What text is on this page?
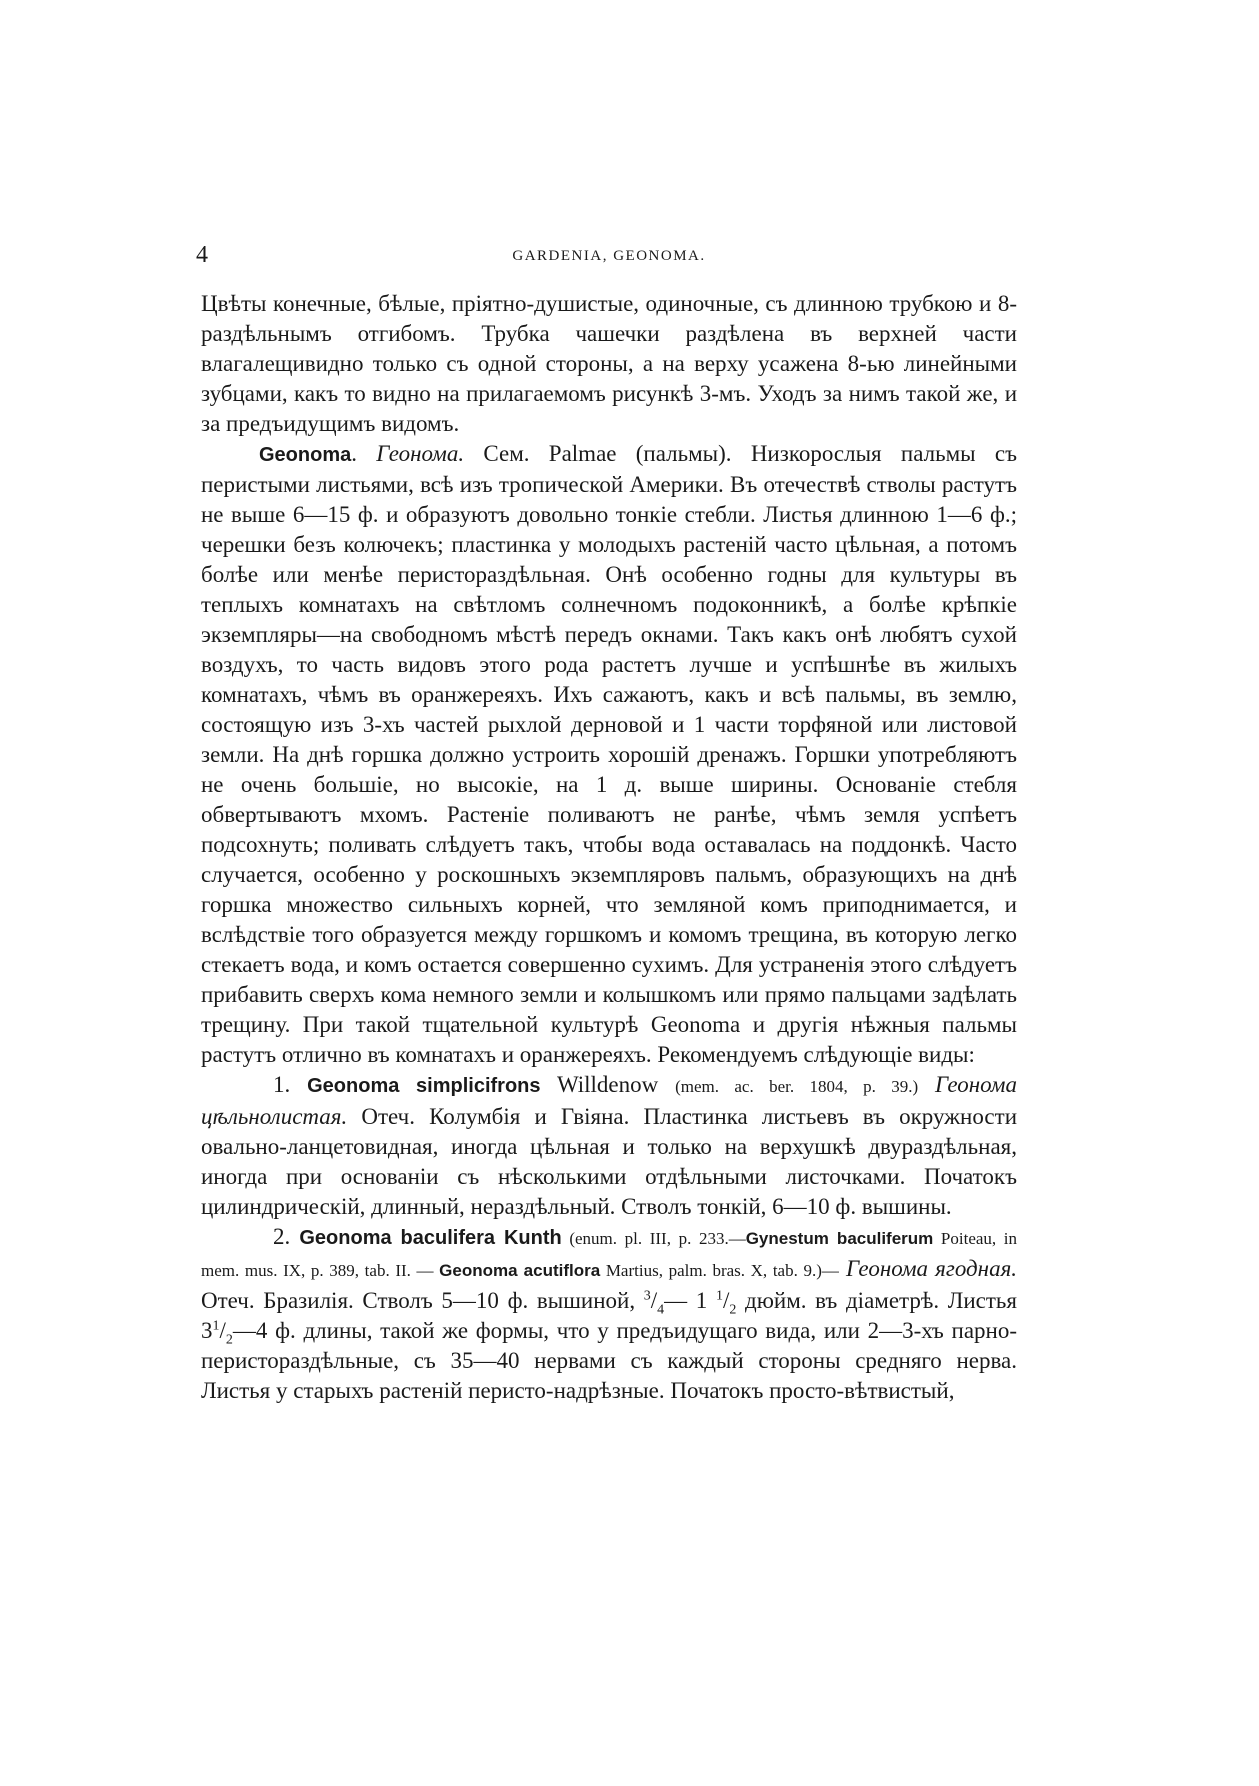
4	GARDENIA, GEONOMA.

Цвѣты конечные, бѣлые, пріятно-душистые, одиночные, съ длинною трубкою и 8- раздѣльнымъ отгибомъ. Трубка чашечки раздѣлена въ верхней части влагалещивидно только съ одной стороны, а на верху усажена 8-ью линейными зубцами, какъ то видно на прилагаемомъ рисункѣ 3-мъ. Уходъ за нимъ такой же, и за предъидущимъ видомъ.

Geonoma. Геонома. Сем. Palmae (пальмы). Низкорослыя пальмы съ перистыми листьями, всѣ изъ тропической Америки. Въ отечествѣ стволы растутъ не выше 6—15 ф. и образуютъ довольно тонкіе стебли. Листья длинною 1—6 ф.; черешки безъ колючекъ; пластинка у молодыхъ растеній часто цѣльная, а потомъ болѣе или менѣе перистораздѣльная. Онѣ особенно годны для культуры въ теплыхъ комнатахъ на свѣтломъ солнечномъ подоконникѣ, а болѣе крѣпкіе экземпляры—на свободномъ мѣстѣ передъ окнами. Такъ какъ онѣ любятъ сухой воздухъ, то часть видовъ этого рода растетъ лучше и успѣшнѣе въ жилыхъ комнатахъ, чѣмъ въ оранжереяхъ. Ихъ сажаютъ, какъ и всѣ пальмы, въ землю, состоящую изъ 3-хъ частей рыхлой дерновой и 1 части торфяной или листовой земли. На днѣ горшка должно устроить хорошій дренажъ. Горшки употребляютъ не очень большіе, но высокіе, на 1 д. выше ширины. Основаніе стебля обвертываютъ мхомъ. Растеніе поливаютъ не ранѣе, чѣмъ земля успѣетъ подсохнуть; поливать слѣдуетъ такъ, чтобы вода оставалась на поддонкѣ. Часто случается, особенно у роскошныхъ экземпляровъ пальмъ, образующихъ на днѣ горшка множество сильныхъ корней, что земляной комъ приподнимается, и вслѣдствіе того образуется между горшкомъ и комомъ трещина, въ которую легко стекаетъ вода, и комъ остается совершенно сухимъ. Для устраненія этого слѣдуетъ прибавить сверхъ кома немного земли и колышкомъ или прямо пальцами задѣлать трещину. При такой тщательной культурѣ Geonoma и другія нѣжныя пальмы растутъ отлично въ комнатахъ и оранжереяхъ. Рекомендуемъ слѣдующіе виды:

1. Geonoma simplicifrons Willdenow (mem. ac. ber. 1804, p. 39.) Геонома цѣльнолистая. Отеч. Колумбія и Гвіяна. Пластинка листьевъ въ окружности овально-ланцетовидная, иногда цѣльная и только на верхушкѣ двураздѣльная, иногда при основаніи съ нѣсколькими отдѣльными листочками. Початокъ цилиндрическій, длинный, нераздѣльный. Стволъ тонкій, 6—10 ф. вышины.

2. Geonoma baculifera Kunth (enum. pl. III, p. 233.—Gynestum baculiferum Poiteau, in mem. mus. IX, p. 389, tab. II. — Geonoma acutiflora Martius, palm. bras. X, tab. 9.)— Геонома ягодная. Отеч. Бразилія. Стволъ 5—10 ф. вышиной, $^3/_4—$ 1 $^1/_2$ дюйм. въ діаметрѣ. Листья $3^1/_2—4$ ф. длины, такой же формы, что у предъидущаго вида, или 2—3-хъ парно-перистораздѣльные, съ 35—40 нервами съ каждый стороны средняго нерва. Листья у старыхъ растеній перисто-надрѣзные. Початокъ просто-вѣтвистый,
